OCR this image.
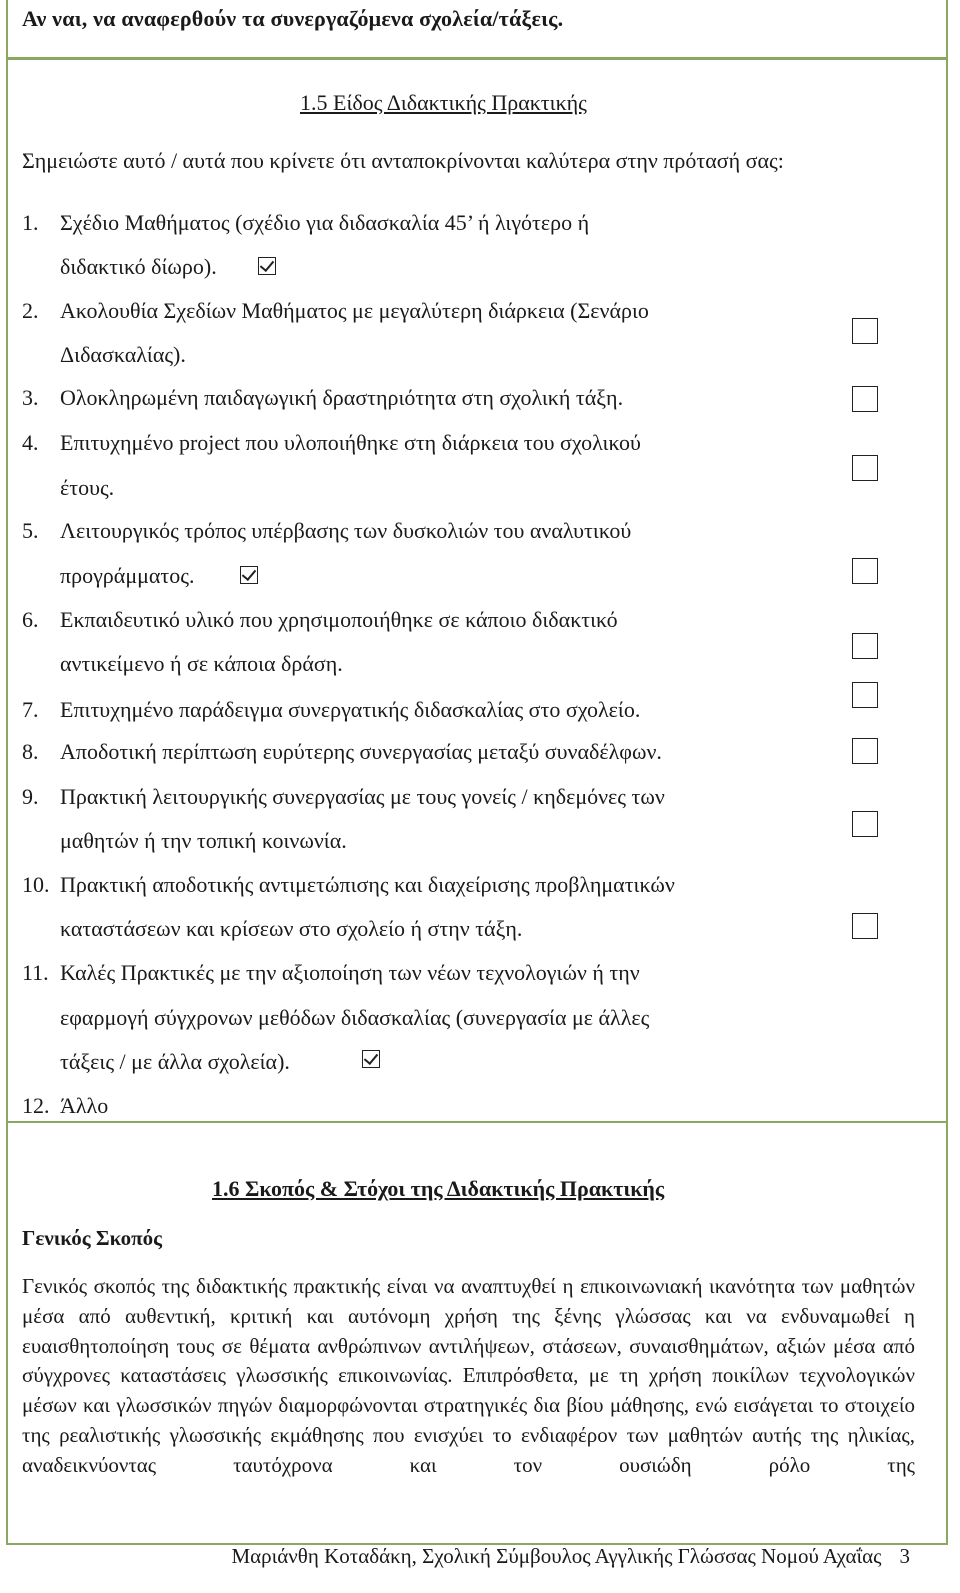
Αν ναι, να αναφερθούν τα συνεργαζόμενα σχολεία/τάξεις.
1.5 Είδος Διδακτικής Πρακτικής
Σημειώστε αυτό / αυτά που κρίνετε ότι ανταποκρίνονται καλύτερα στην πρότασή σας:
1. Σχέδιο Μαθήματος (σχέδιο για διδασκαλία 45’ ή λιγότερο ή
διδακτικό δίωρο).
2. Ακολουθία Σχεδίων Μαθήματος με μεγαλύτερη διάρκεια (Σενάριο
Διδασκαλίας).
3. Ολοκληρωμένη παιδαγωγική δραστηριότητα στη σχολική τάξη.
4. Επιτυχημένο project που υλοποιήθηκε στη διάρκεια του σχολικού
έτους.
5. Λειτουργικός τρόπος υπέρβασης των δυσκολιών του αναλυτικού
προγράμματος.
6. Εκπαιδευτικό υλικό που χρησιμοποιήθηκε σε κάποιο διδακτικό
αντικείμενο ή σε κάποια δράση.
7. Επιτυχημένο παράδειγμα συνεργατικής διδασκαλίας στο σχολείο.
8. Αποδοτική περίπτωση ευρύτερης συνεργασίας μεταξύ συναδέλφων.
9. Πρακτική λειτουργικής συνεργασίας με τους γονείς / κηδεμόνες των
μαθητών ή την τοπική κοινωνία.
10. Πρακτική αποδοτικής αντιμετώπισης και διαχείρισης προβληματικών
καταστάσεων και κρίσεων στο σχολείο ή στην τάξη.
11. Καλές Πρακτικές με την αξιοποίηση των νέων τεχνολογιών ή την
εφαρμογή σύγχρονων μεθόδων διδασκαλίας (συνεργασία με άλλες
τάξεις / με άλλα σχολεία).
12. Άλλο
1.6 Σκοπός & Στόχοι της Διδακτικής Πρακτικής
Γενικός Σκοπός
Γενικός σκοπός της διδακτικής πρακτικής είναι να αναπτυχθεί η επικοινωνιακή ικανότητα των μαθητών μέσα από αυθεντική, κριτική και αυτόνομη χρήση της ξένης γλώσσας και να ενδυναμωθεί η ευαισθητοποίηση τους σε θέματα ανθρώπινων αντιλήψεων, στάσεων, συναισθημάτων, αξιών μέσα από σύγχρονες καταστάσεις γλωσσικής επικοινωνίας. Επιπρόσθετα, με τη χρήση ποικίλων τεχνολογικών μέσων και γλωσσικών πηγών διαμορφώνονται στρατηγικές δια βίου μάθησης, ενώ εισάγεται το στοιχείο της ρεαλιστικής γλωσσικής εκμάθησης που ενισχύει το ενδιαφέρον των μαθητών αυτής της ηλικίας, αναδεικνύοντας ταυτόχρονα και τον ουσιώδη ρόλο της
Μαριάνθη Κοταδάκη, Σχολική Σύμβουλος Αγγλικής Γλώσσας Νομού Αχαΐας 3
